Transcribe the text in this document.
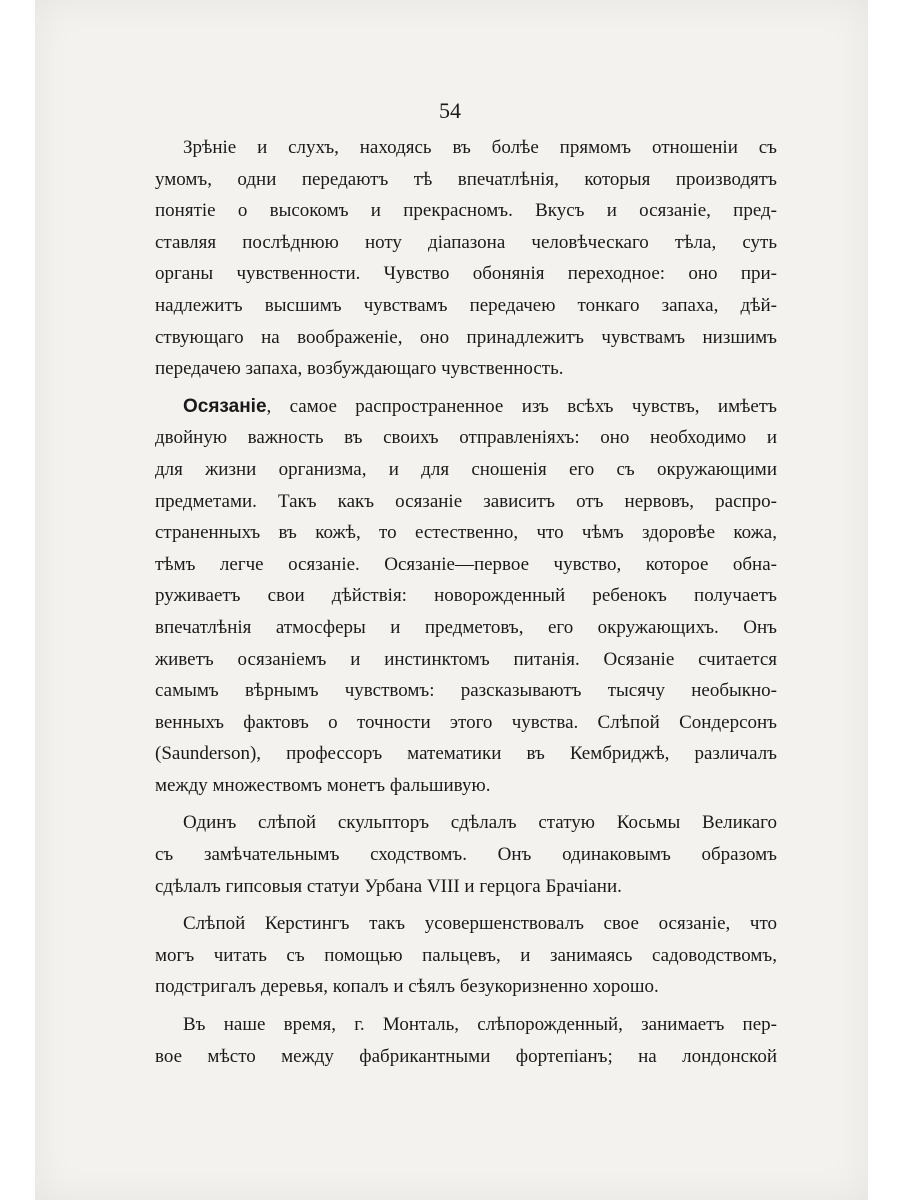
54
Зрѣніе и слухъ, находясь въ болѣе прямомъ отношеніи съ
умомъ, одни передаютъ тѣ впечатлѣнія, которыя производятъ
понятіе о высокомъ и прекрасномъ. Вкусъ и осязаніе, пред-
ставляя послѣднюю ноту діапазона человѣческаго тѣла, суть
органы чувственности. Чувство обонянія переходное: оно при-
надлежитъ высшимъ чувствамъ передачею тонкаго запаха, дѣй-
ствующаго на воображеніе, оно принадлежитъ чувствамъ низшимъ
передачею запаха, возбуждающаго чувственность.
Осязаніе, самое распространенное изъ всѣхъ чувствъ, имѣетъ
двойную важность въ своихъ отправленіяхъ: оно необходимо и
для жизни организма, и для сношенія его съ окружающими
предметами. Такъ какъ осязаніе зависитъ отъ нервовъ, распро-
страненныхъ въ кожѣ, то естественно, что чѣмъ здоровѣе кожа,
тѣмъ легче осязаніе. Осязаніе—первое чувство, которое обна-
руживаетъ свои дѣйствія: новорожденный ребенокъ получаетъ
впечатлѣнія атмосферы и предметовъ, его окружающихъ. Онъ
живетъ осязаніемъ и инстинктомъ питанія. Осязаніе считается
самымъ вѣрнымъ чувствомъ: разсказываютъ тысячу необыкно-
венныхъ фактовъ о точности этого чувства. Слѣпой Сондерсонъ
(Saunderson), профессоръ математики въ Кембриджѣ, различалъ
между множествомъ монетъ фальшивую.
Одинъ слѣпой скульпторъ сдѣлалъ статую Косьмы Великаго
съ замѣчательнымъ сходствомъ. Онъ одинаковымъ образомъ
сдѣлалъ гипсовыя статуи Урбана VIII и герцога Брачіани.
Слѣпой Керстингъ такъ усовершенствовалъ свое осязаніе, что
могъ читать съ помощью пальцевъ, и занимаясь садоводствомъ,
подстригалъ деревья, копалъ и сѣялъ безукоризненно хорошо.
Въ наше время, г. Монталь, слѣпорожденный, занимаетъ пер-
вое мѣсто между фабрикантными фортепіанъ; на лондонской
